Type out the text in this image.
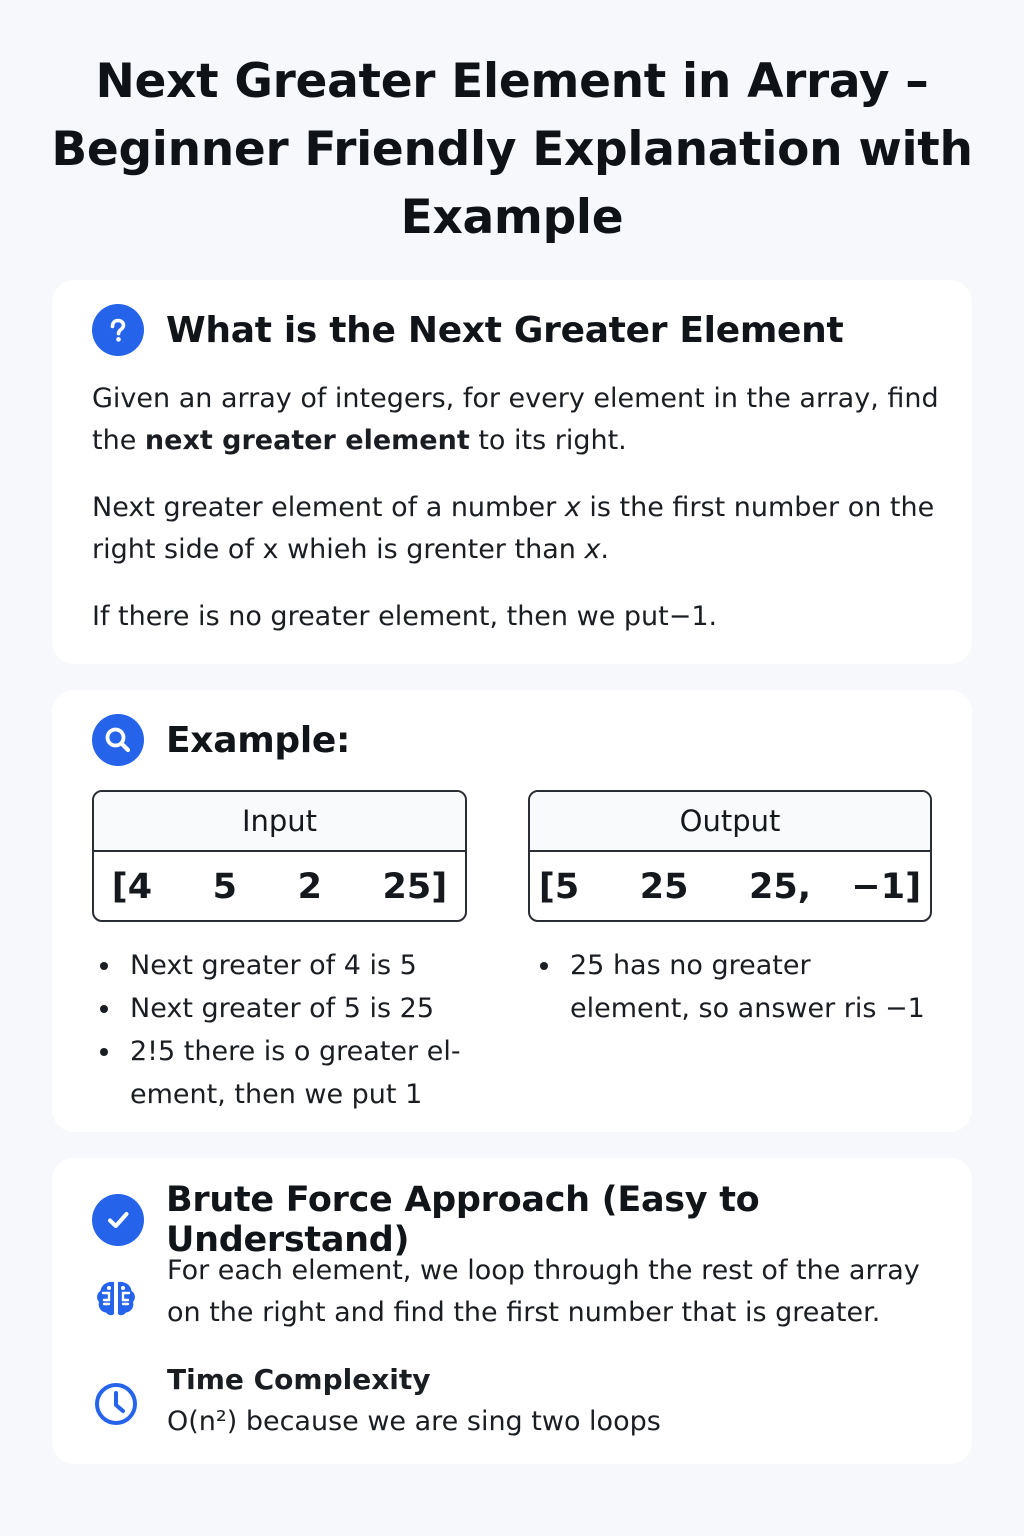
Next Greater Element in Array – Beginner Friendly Explanation with Example
What is the Next Greater Element

Given an array of integers, for every element in the array, find the next greater element to its right.

Next greater element of a number x is the first number on the right side of x whieh is grenter than x.

If there is no greater element, then we put−1.

Example:
Input
[4   5   2   25]
Output
[5   25   25,  −1]
Next greater of 4 is 5
Next greater of 5 is 25
2!5 there is o greater el-ement, then we put 1
25 has no greater element, so answer ris −1
Brute Force Approach (Easy to Understand)

For each element, we loop through the rest of the array on the right and find the first number that is greater.

Time Complexity
O(n²) because we are sing two loops
